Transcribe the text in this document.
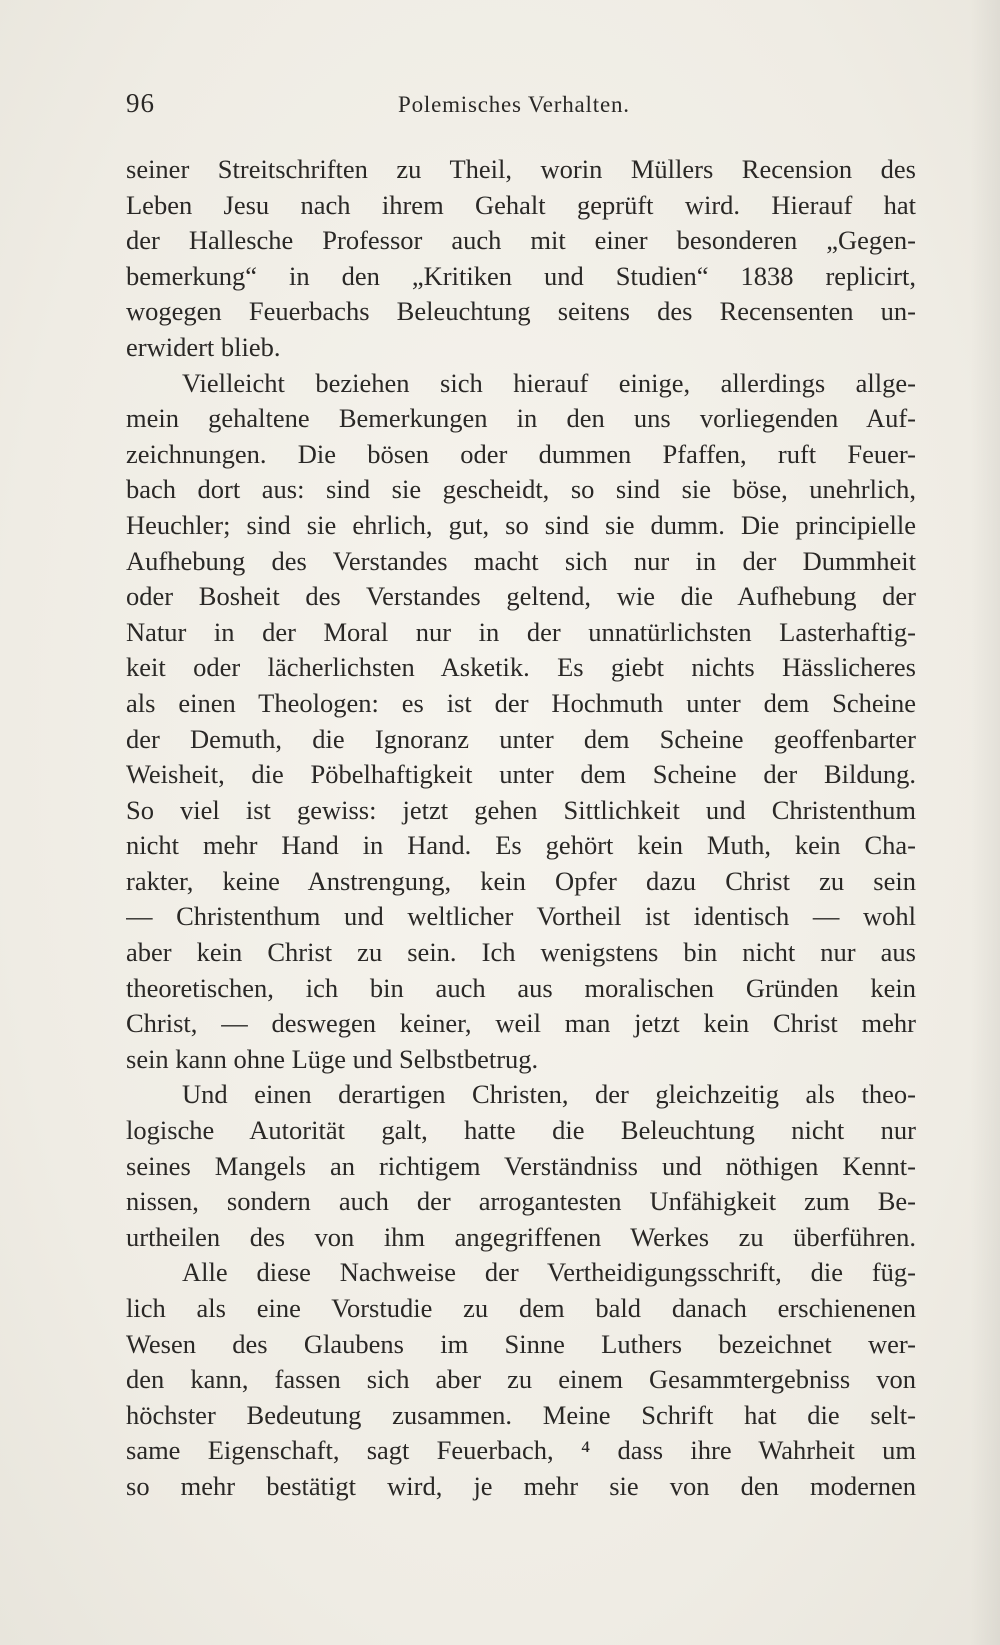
96	Polemisches Verhalten.
seiner Streitschriften zu Theil, worin Müllers Recension des
Leben Jesu nach ihrem Gehalt geprüft wird. Hierauf hat
der Hallesche Professor auch mit einer besonderen „Gegen-
bemerkung“ in den „Kritiken und Studien“ 1838 replicirt,
wogegen Feuerbachs Beleuchtung seitens des Recensenten un-
erwidert blieb.
Vielleicht beziehen sich hierauf einige, allerdings allge-
mein gehaltene Bemerkungen in den uns vorliegenden Auf-
zeichnungen. Die bösen oder dummen Pfaffen, ruft Feuer-
bach dort aus: sind sie gescheidt, so sind sie böse, unehrlich,
Heuchler; sind sie ehrlich, gut, so sind sie dumm. Die principielle
Aufhebung des Verstandes macht sich nur in der Dummheit
oder Bosheit des Verstandes geltend, wie die Aufhebung der
Natur in der Moral nur in der unnatürlichsten Lasterhaftig-
keit oder lächerlichsten Asketik. Es giebt nichts Hässlicheres
als einen Theologen: es ist der Hochmuth unter dem Scheine
der Demuth, die Ignoranz unter dem Scheine geoffenbarter
Weisheit, die Pöbelhaftigkeit unter dem Scheine der Bildung.
So viel ist gewiss: jetzt gehen Sittlichkeit und Christenthum
nicht mehr Hand in Hand. Es gehört kein Muth, kein Cha-
rakter, keine Anstrengung, kein Opfer dazu Christ zu sein
— Christenthum und weltlicher Vortheil ist identisch — wohl
aber kein Christ zu sein. Ich wenigstens bin nicht nur aus
theoretischen, ich bin auch aus moralischen Gründen kein
Christ, — deswegen keiner, weil man jetzt kein Christ mehr
sein kann ohne Lüge und Selbstbetrug.
Und einen derartigen Christen, der gleichzeitig als theo-
logische Autorität galt, hatte die Beleuchtung nicht nur
seines Mangels an richtigem Verständniss und nöthigen Kennt-
nissen, sondern auch der arrogantesten Unfähigkeit zum Be-
urtheilen des von ihm angegriffenen Werkes zu überführen.
Alle diese Nachweise der Vertheidigungsschrift, die füg-
lich als eine Vorstudie zu dem bald danach erschienenen
Wesen des Glaubens im Sinne Luthers bezeichnet wer-
den kann, fassen sich aber zu einem Gesammtergebniss von
höchster Bedeutung zusammen. Meine Schrift hat die selt-
same Eigenschaft, sagt Feuerbach, ⁴ dass ihre Wahrheit um
so mehr bestätigt wird, je mehr sie von den modernen
